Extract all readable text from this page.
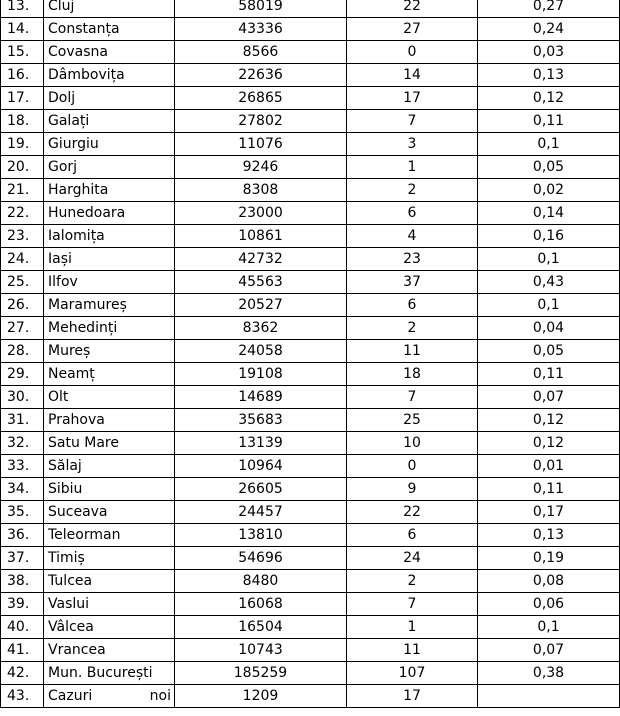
13.	Cluj	58019	22	0,27
14.	Constanța	43336	27	0,24
15.	Covasna	8566	0	0,03
16.	Dâmbovița	22636	14	0,13
17.	Dolj	26865	17	0,12
18.	Galați	27802	7	0,11
19.	Giurgiu	11076	3	0,1
20.	Gorj	9246	1	0,05
21.	Harghita	8308	2	0,02
22.	Hunedoara	23000	6	0,14
23.	Ialomița	10861	4	0,16
24.	Iași	42732	23	0,1
25.	Ilfov	45563	37	0,43
26.	Maramureș	20527	6	0,1
27.	Mehedinți	8362	2	0,04
28.	Mureș	24058	11	0,05
29.	Neamț	19108	18	0,11
30.	Olt	14689	7	0,07
31.	Prahova	35683	25	0,12
32.	Satu Mare	13139	10	0,12
33.	Sălaj	10964	0	0,01
34.	Sibiu	26605	9	0,11
35.	Suceava	24457	22	0,17
36.	Teleorman	13810	6	0,13
37.	Timiș	54696	24	0,19
38.	Tulcea	8480	2	0,08
39.	Vaslui	16068	7	0,06
40.	Vâlcea	16504	1	0,1
41.	Vrancea	10743	11	0,07
42.	Mun. București	185259	107	0,38
43.	Cazuri noi	1209	17	
